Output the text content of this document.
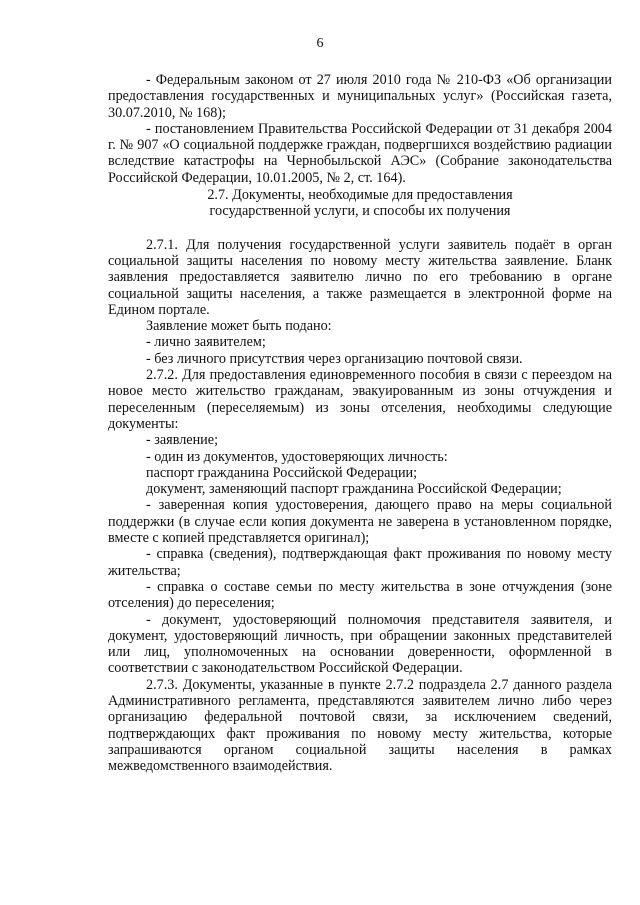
6

- Федеральным законом от 27 июля 2010 года № 210-ФЗ «Об организации предоставления государственных и муниципальных услуг» (Российская газета, 30.07.2010, № 168);

- постановлением Правительства Российской Федерации от 31 декабря 2004 г. № 907 «О социальной поддержке граждан, подвергшихся воздействию радиации вследствие катастрофы на Чернобыльской АЭС» (Собрание законодательства Российской Федерации, 10.01.2005, № 2, ст. 164).

2.7. Документы, необходимые для предоставления

государственной услуги, и способы их получения

2.7.1. Для получения государственной услуги заявитель подаёт в орган социальной защиты населения по новому месту жительства заявление. Бланк заявления предоставляется заявителю лично по его требованию в органе социальной защиты населения, а также размещается в электронной форме на Едином портале.

Заявление может быть подано:

- лично заявителем;

- без личного присутствия через организацию почтовой связи.

2.7.2. Для предоставления единовременного пособия в связи с переездом на новое место жительство гражданам, эвакуированным из зоны отчуждения и переселенным (переселяемым) из зоны отселения, необходимы следующие документы:

- заявление;

- один из документов, удостоверяющих личность:

паспорт гражданина Российской Федерации;

документ, заменяющий паспорт гражданина Российской Федерации;

- заверенная копия удостоверения, дающего право на меры социальной поддержки (в случае если копия документа не заверена в установленном порядке, вместе с копией представляется оригинал);

- справка (сведения), подтверждающая факт проживания по новому месту жительства;

- справка о составе семьи по месту жительства в зоне отчуждения (зоне отселения) до переселения;

- документ, удостоверяющий полномочия представителя заявителя, и документ, удостоверяющий личность, при обращении законных представителей или лиц, уполномоченных на основании доверенности, оформленной в соответствии с законодательством Российской Федерации.

2.7.3. Документы, указанные в пункте 2.7.2 подраздела 2.7 данного раздела Административного регламента, представляются заявителем лично либо через организацию федеральной почтовой связи, за исключением сведений, подтверждающих факт проживания по новому месту жительства, которые запрашиваются органом социальной защиты населения в рамках межведомственного взаимодействия.
